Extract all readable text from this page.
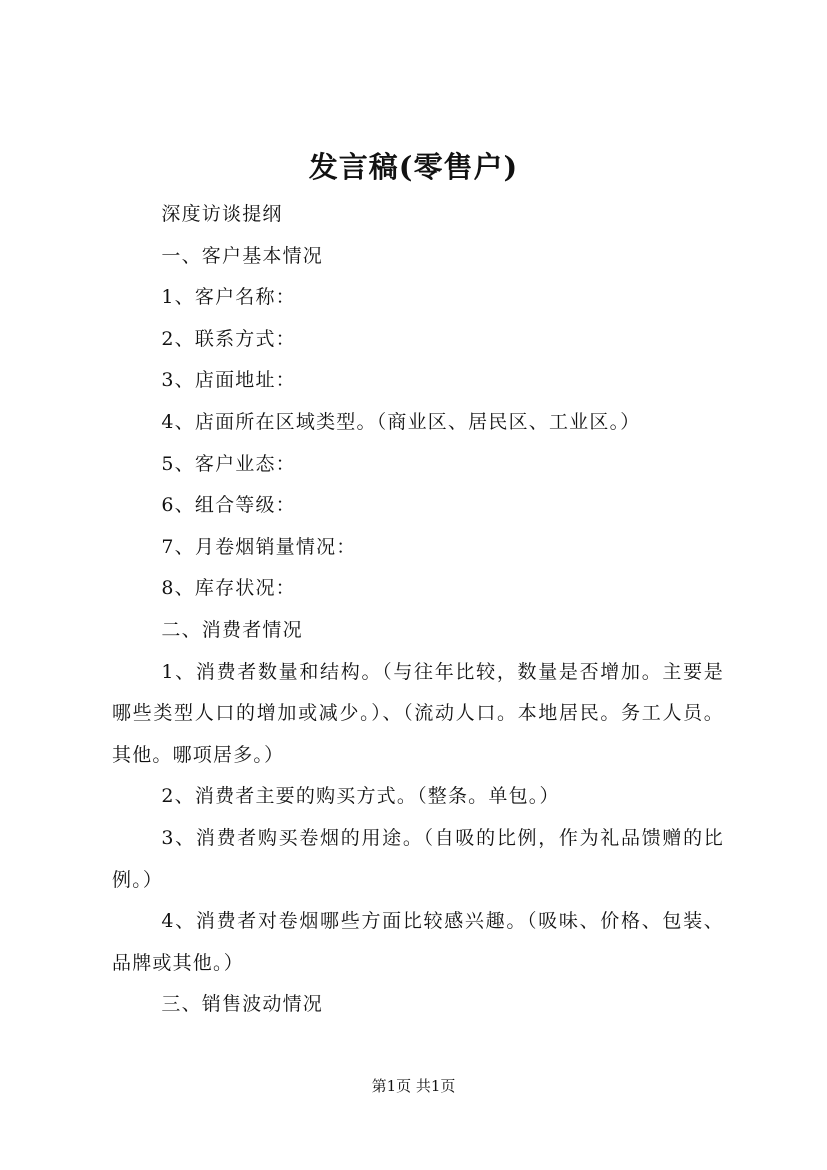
发言稿(零售户)

深度访谈提纲

一、客户基本情况

1、客户名称：

2、联系方式：

3、店面地址：

4、店面所在区域类型。（商业区、居民区、工业区。）

5、客户业态：

6、组合等级：

7、月卷烟销量情况：

8、库存状况：

二、消费者情况

1、消费者数量和结构。（与往年比较，数量是否增加。主要是哪些类型人口的增加或减少。）、（流动人口。本地居民。务工人员。其他。哪项居多。）

2、消费者主要的购买方式。（整条。单包。）

3、消费者购买卷烟的用途。（自吸的比例，作为礼品馈赠的比例。）

4、消费者对卷烟哪些方面比较感兴趣。（吸味、价格、包装、品牌或其他。）

三、销售波动情况

第1页 共1页
